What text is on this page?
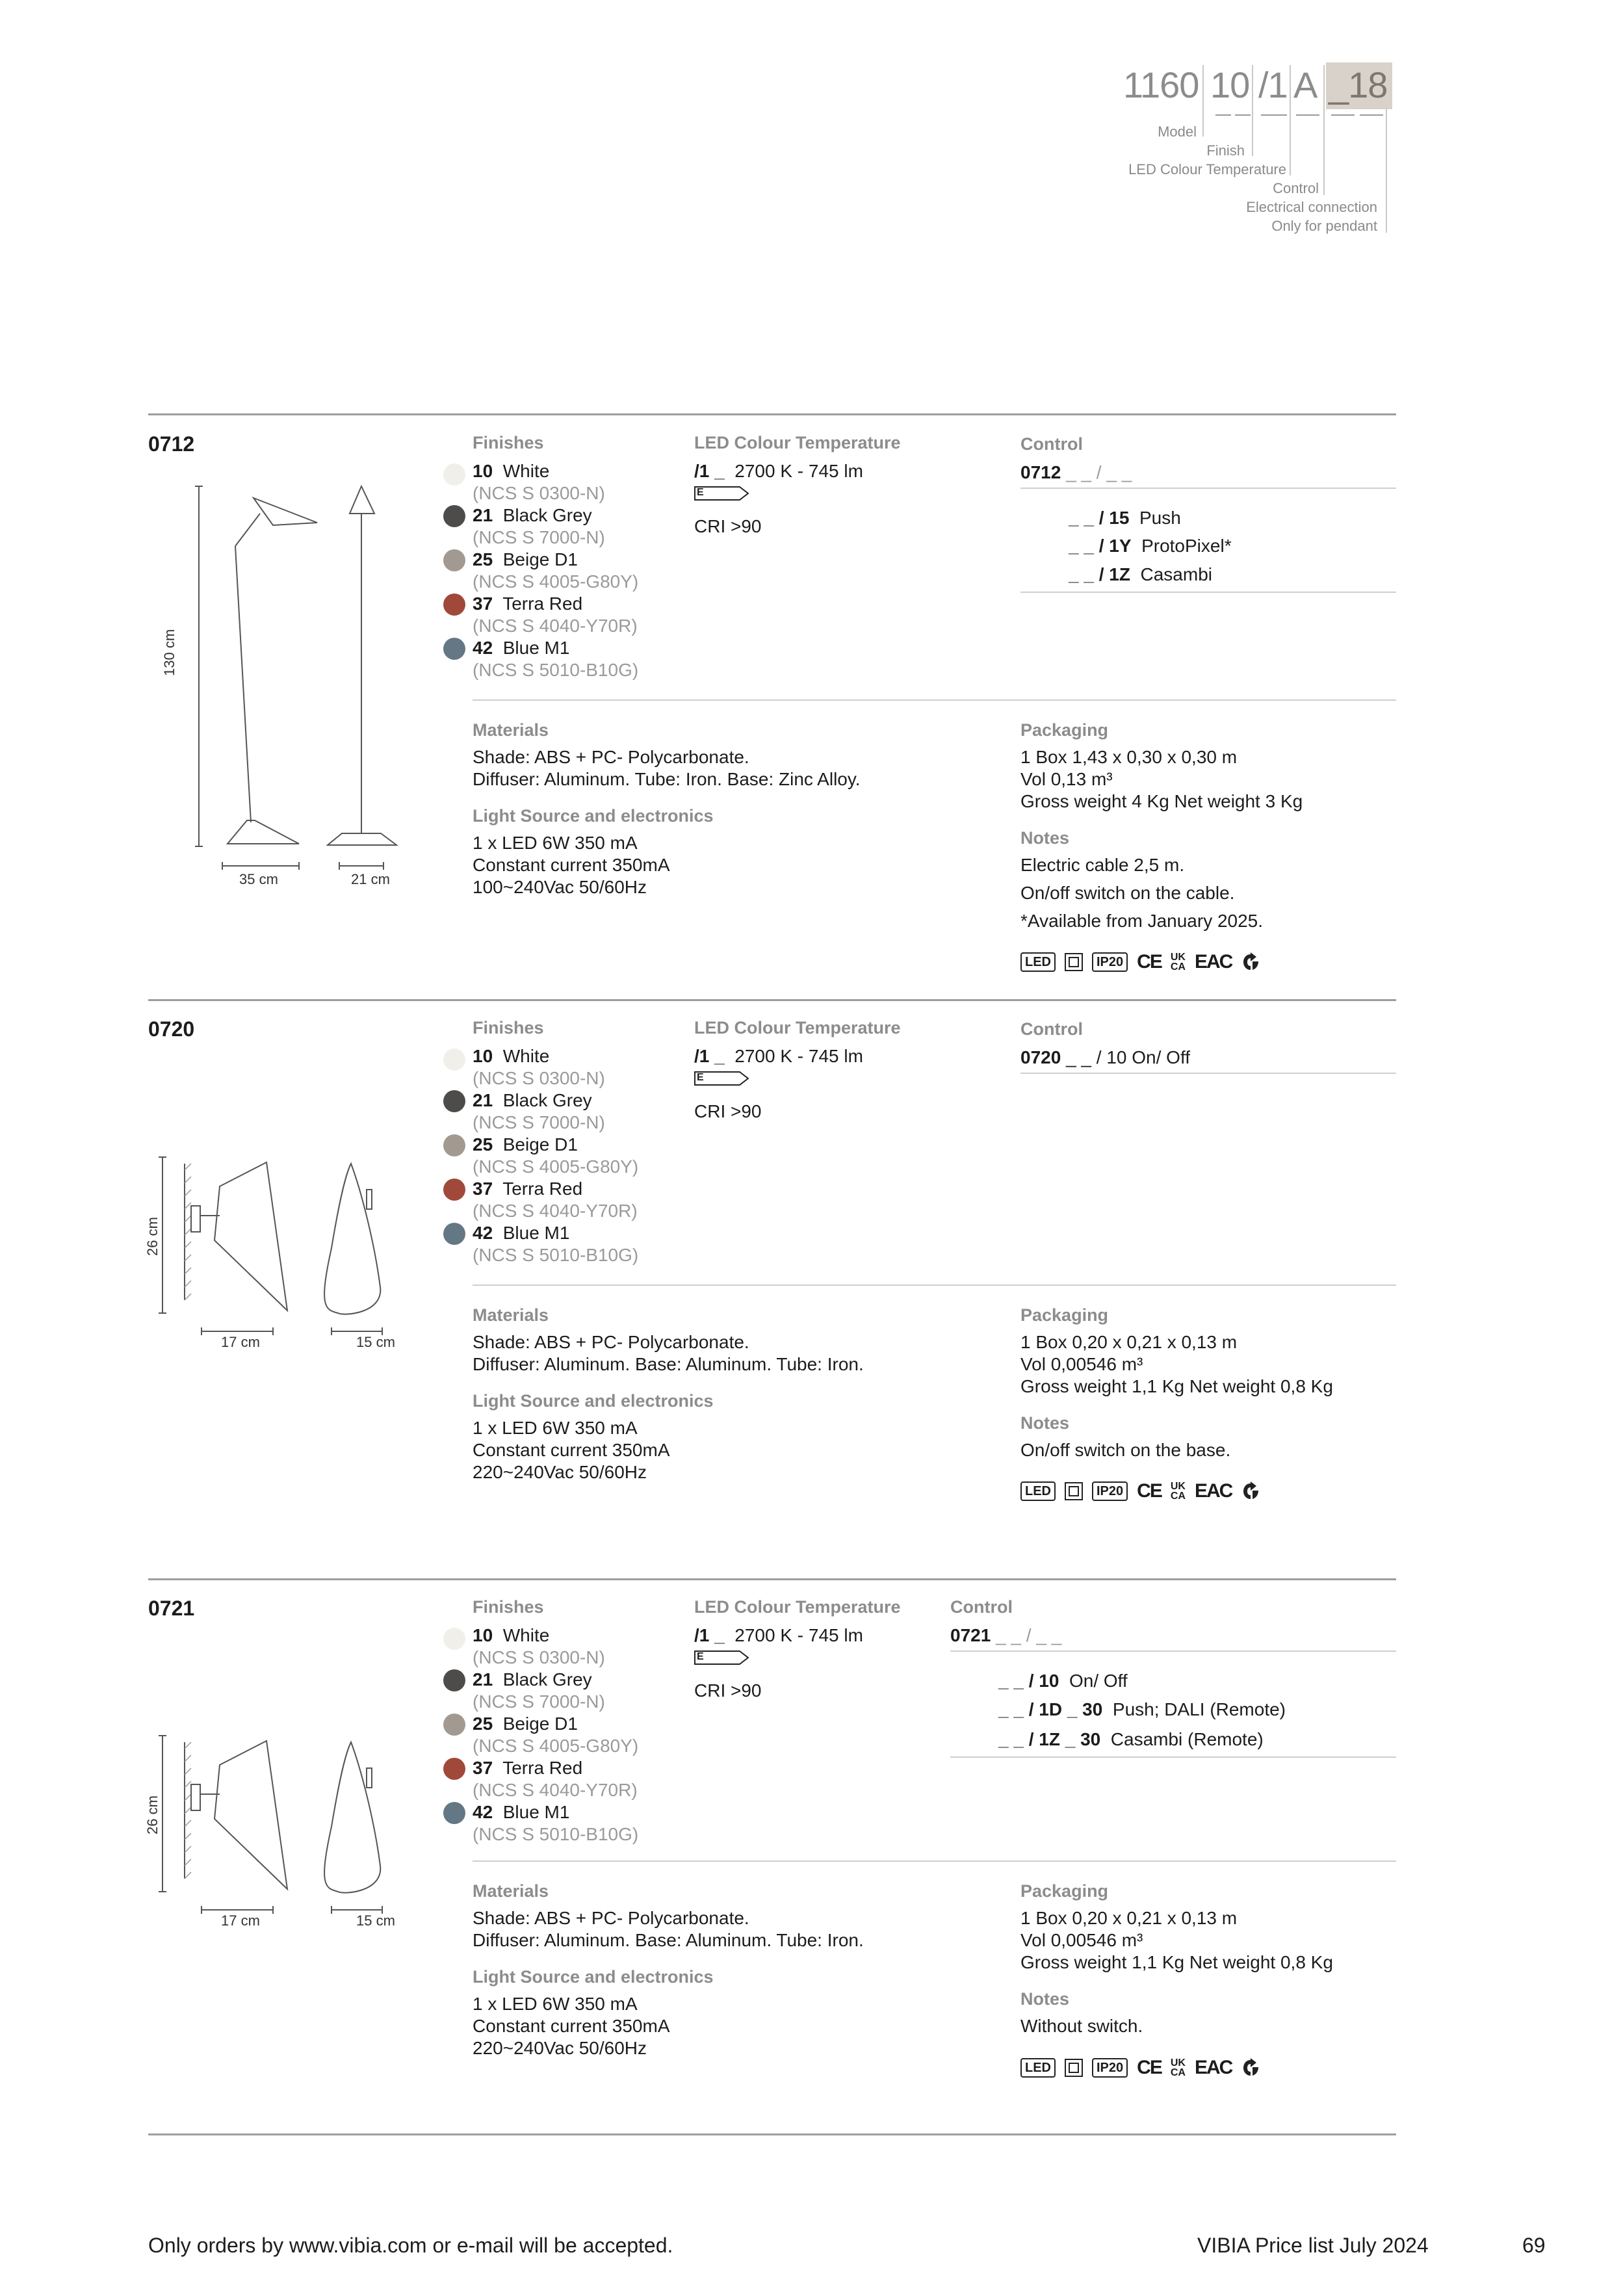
1160 10 /1 A _18
Model
Finish
LED Colour Temperature
Control
Electrical connection
Only for pendant
0712
130 cm
35 cm	21 cm
Finishes
10 White
(NCS S 0300-N)
21 Black Grey
(NCS S 7000-N)
25 Beige D1
(NCS S 4005-G80Y)
37 Terra Red
(NCS S 4040-Y70R)
42 Blue M1
(NCS S 5010-B10G)
LED Colour Temperature
/1 _ 2700 K - 745 lm
E
CRI >90
Control
0712 _ _ / _ _
_ _ / 15 Push
_ _ / 1Y ProtoPixel*
_ _ / 1Z Casambi
Materials
Shade: ABS + PC- Polycarbonate.
Diffuser: Aluminum. Tube: Iron. Base: Zinc Alloy.
Light Source and electronics
1 x LED 6W 350 mA
Constant current 350mA
100~240Vac 50/60Hz
Packaging
1 Box 1,43 x 0,30 x 0,30 m
Vol 0,13 m³
Gross weight 4 Kg Net weight 3 Kg
Notes
Electric cable 2,5 m.
On/off switch on the cable.
*Available from January 2025.
LED	IP20 CE UK
CA EAC
0720
26 cm
17 cm	15 cm
Finishes
10 White
(NCS S 0300-N)
21 Black Grey
(NCS S 7000-N)
25 Beige D1
(NCS S 4005-G80Y)
37 Terra Red
(NCS S 4040-Y70R)
42 Blue M1
(NCS S 5010-B10G)
LED Colour Temperature
/1 _ 2700 K - 745 lm
E
CRI >90
Control
0720 _ _ / 10 On/ Off
Materials
Shade: ABS + PC- Polycarbonate.
Diffuser: Aluminum. Base: Aluminum. Tube: Iron.
Light Source and electronics
1 x LED 6W 350 mA
Constant current 350mA
220~240Vac 50/60Hz
Packaging
1 Box 0,20 x 0,21 x 0,13 m
Vol 0,00546 m³
Gross weight 1,1 Kg Net weight 0,8 Kg
Notes
On/off switch on the base.
LED	IP20 CE UK
CA EAC
0721
26 cm
17 cm	15 cm
Finishes
10 White
(NCS S 0300-N)
21 Black Grey
(NCS S 7000-N)
25 Beige D1
(NCS S 4005-G80Y)
37 Terra Red
(NCS S 4040-Y70R)
42 Blue M1
(NCS S 5010-B10G)
LED Colour Temperature
/1 _ 2700 K - 745 lm
E
CRI >90
Control
0721 _ _ / _ _
_ _ / 10 On/ Off
_ _ / 1D _ 30 Push; DALI (Remote)
_ _ / 1Z _ 30 Casambi (Remote)
Materials
Shade: ABS + PC- Polycarbonate.
Diffuser: Aluminum. Base: Aluminum. Tube: Iron.
Light Source and electronics
1 x LED 6W 350 mA
Constant current 350mA
220~240Vac 50/60Hz
Packaging
1 Box 0,20 x 0,21 x 0,13 m
Vol 0,00546 m³
Gross weight 1,1 Kg Net weight 0,8 Kg
Notes
Without switch.
LED	IP20 CE UK
CA EAC
Only orders by www.vibia.com or e-mail will be accepted.	VIBIA Price list July 2024	69
